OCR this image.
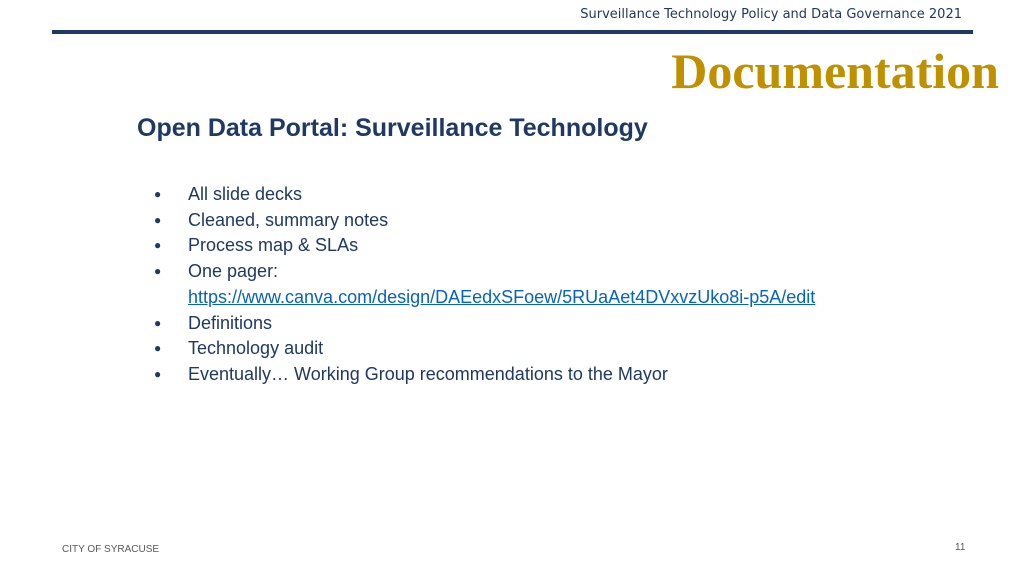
Surveillance Technology Policy and Data Governance 2021
Documentation
Open Data Portal: Surveillance Technology
● All slide decks
● Cleaned, summary notes
● Process map & SLAs
● One pager:
https://www.canva.com/design/DAEedxSFoew/5RUaAet4DVxvzUko8i-p5A/edit
● Definitions
● Technology audit
● Eventually… Working Group recommendations to the Mayor
CITY OF SYRACUSE	11
